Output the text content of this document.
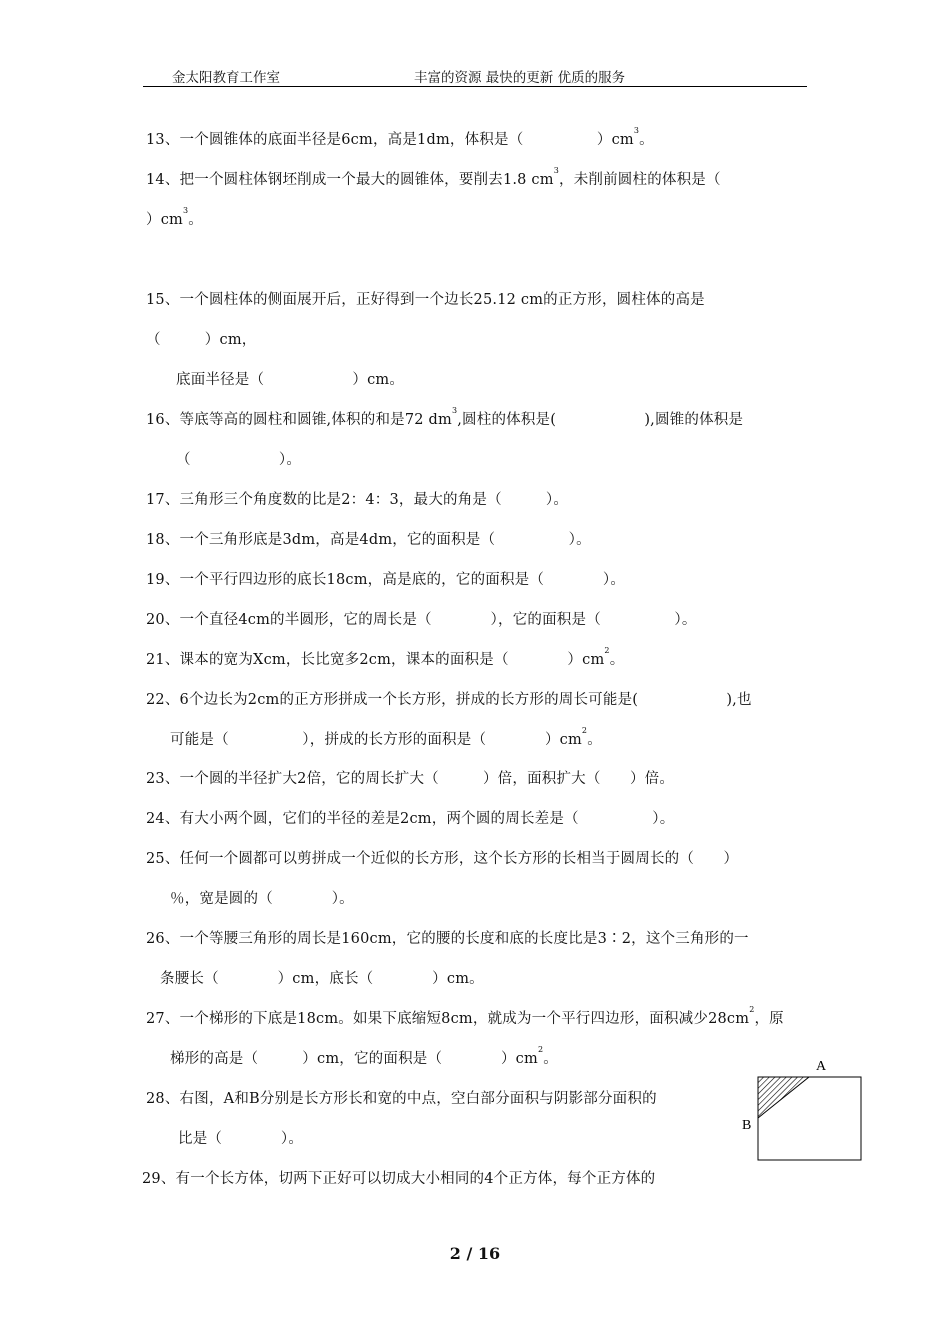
金太阳教育工作室	丰富的资源 最快的更新 优质的服务
13、一个圆锥体的底面半径是6cm，高是1dm，体积是（　　　　　）$cm^3$。
14、把一个圆柱体钢坯削成一个最大的圆锥体，要削去1.8 $cm^3$，未削前圆柱的体积是（
）$cm^3$。
15、一个圆柱体的侧面展开后，正好得到一个边长25.12 cm的正方形，圆柱体的高是
（　　　）cm，
底面半径是（　　　　　　）cm。
16、等底等高的圆柱和圆锥,体积的和是72 $dm^3$,圆柱的体积是(　　　　　　),圆锥的体积是
（　　　　　　）。
17、三角形三个角度数的比是2：4：3，最大的角是（　　　）。
18、一个三角形底是3dm，高是4dm，它的面积是（　　　　　）。
19、一个平行四边形的底长18cm，高是底的，它的面积是（　　　　）。
20、一个直径4cm的半圆形，它的周长是（　　　　），它的面积是（　　　　　）。
21、课本的宽为Xcm，长比宽多2cm，课本的面积是（　　　　）$cm^2$。
22、6个边长为2cm的正方形拼成一个长方形，拼成的长方形的周长可能是(　　　　　　),也
可能是（　　　　　），拼成的长方形的面积是（　　　　）$cm^2$。
23、一个圆的半径扩大2倍，它的周长扩大（　　　）倍，面积扩大（　　）倍。
24、有大小两个圆，它们的半径的差是2cm，两个圆的周长差是（　　　　　）。
25、任何一个圆都可以剪拼成一个近似的长方形，这个长方形的长相当于圆周长的（　　）
％，宽是圆的（　　　　）。
26、一个等腰三角形的周长是160cm，它的腰的长度和底的长度比是3∶2，这个三角形的一
条腰长（　　　　）cm，底长（　　　　）cm。
27、一个梯形的下底是18cm。如果下底缩短8cm，就成为一个平行四边形，面积减少$28cm^2$，原
梯形的高是（　　　）cm，它的面积是（　　　　）$cm^2$。
28、右图，A和B分别是长方形长和宽的中点，空白部分面积与阴影部分面积的
比是（　　　　）。
29、有一个长方体，切两下正好可以切成大小相同的4个正方体，每个正方体的
A
B
2 / 16
